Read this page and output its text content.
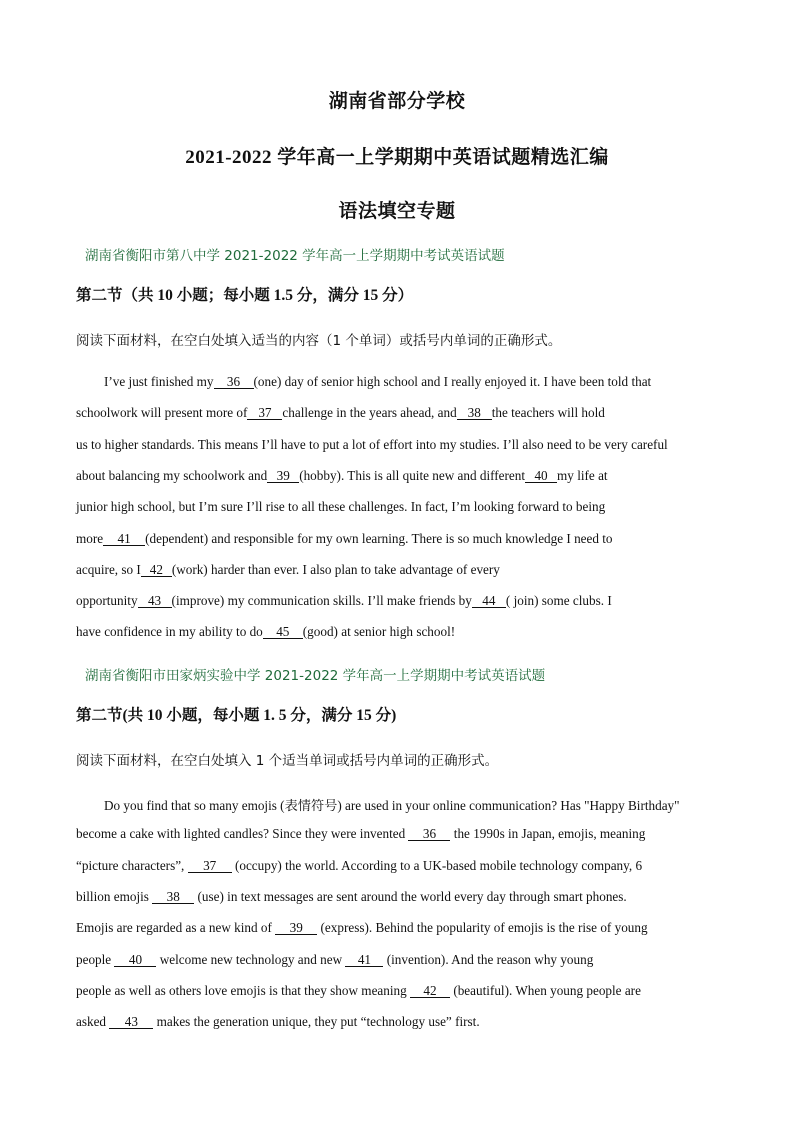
湖南省部分学校
2021-2022 学年高一上学期期中英语试题精选汇编
语法填空专题
湖南省衡阳市第八中学 2021-2022 学年高一上学期期中考试英语试题
第二节（共 10 小题；每小题 1.5 分，满分 15 分）
阅读下面材料，在空白处填入适当的内容（1 个单词）或括号内单词的正确形式。
I’ve just finished my 36 (one) day of senior high school and I really enjoyed it. I have been told that
schoolwork will present more of 37 challenge in the years ahead, and 38 the teachers will hold
us to higher standards. This means I’ll have to put a lot of effort into my studies. I’ll also need to be very careful
about balancing my schoolwork and 39 (hobby). This is all quite new and different 40 my life at
junior high school, but I’m sure I’ll rise to all these challenges. In fact, I’m looking forward to being
more 41 (dependent) and responsible for my own learning. There is so much knowledge I need to
acquire, so I 42 (work) harder than ever. I also plan to take advantage of every
opportunity 43 (improve) my communication skills. I’ll make friends by 44 ( join) some clubs. I
have confidence in my ability to do 45 (good) at senior high school!
湖南省衡阳市田家炳实验中学 2021-2022 学年高一上学期期中考试英语试题
第二节(共 10 小题，每小题 1. 5 分，满分 15 分)
阅读下面材料，在空白处填入 1 个适当单词或括号内单词的正确形式。
Do you find that so many emojis (表情符号) are used in your online communication? Has "Happy Birthday"
become a cake with lighted candles? Since they were invented 36 the 1990s in Japan, emojis, meaning
“picture characters”, 37 (occupy) the world. According to a UK-based mobile technology company, 6
billion emojis 38 (use) in text messages are sent around the world every day through smart phones.
Emojis are regarded as a new kind of 39 (express). Behind the popularity of emojis is the rise of young
people 40 welcome new technology and new 41 (invention). And the reason why young
people as well as others love emojis is that they show meaning 42 (beautiful). When young people are
asked 43 makes the generation unique, they put “technology use” first.
